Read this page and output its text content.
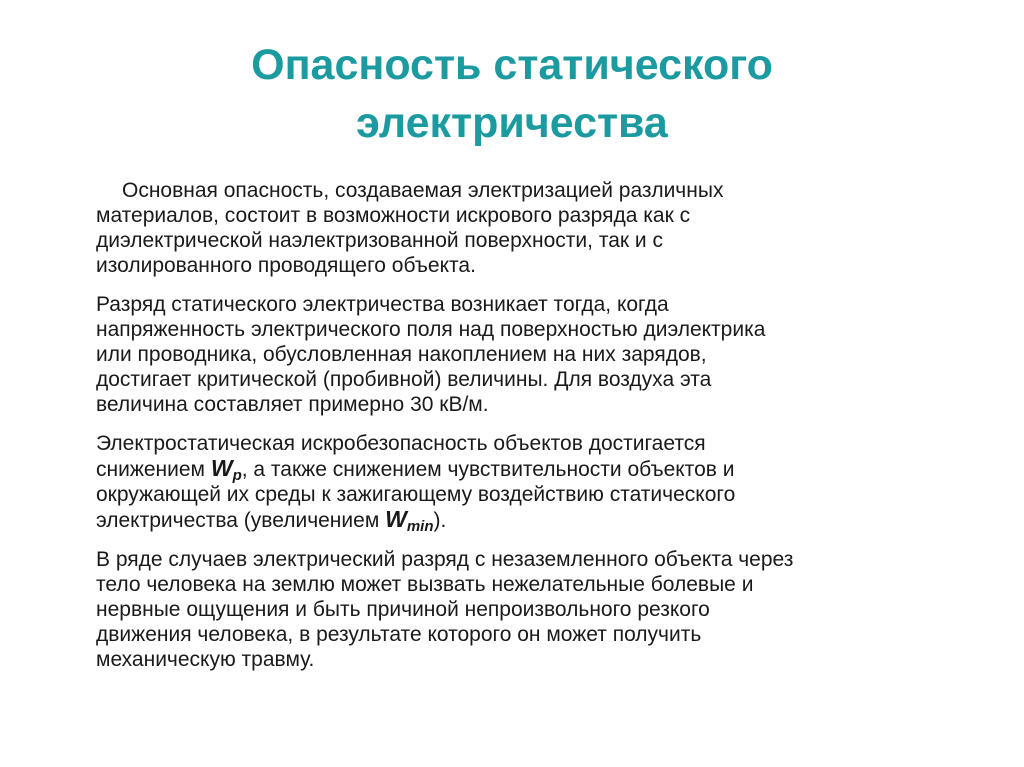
Опасность статического
электричества
Основная опасность, создаваемая электризацией различных
материалов, состоит в возможности искрового разряда как с
диэлектрической наэлектризованной поверхности, так и с
изолированного проводящего объекта.
Разряд статического электричества возникает тогда, когда
напряженность электрического поля над поверхностью диэлектрика
или проводника, обусловленная накоплением на них зарядов,
достигает критической (пробивной) величины. Для воздуха эта
величина составляет примерно 30 кВ/м.
Электростатическая искробезопасность объектов достигается
снижением $W_p$, а также снижением чувствительности объектов и
окружающей их среды к зажигающему воздействию статического
электричества (увеличением $W_{min}$).
В ряде случаев электрический разряд с незаземленного объекта через
тело человека на землю может вызвать нежелательные болевые и
нервные ощущения и быть причиной непроизвольного резкого
движения человека, в результате которого он может получить
механическую травму.
